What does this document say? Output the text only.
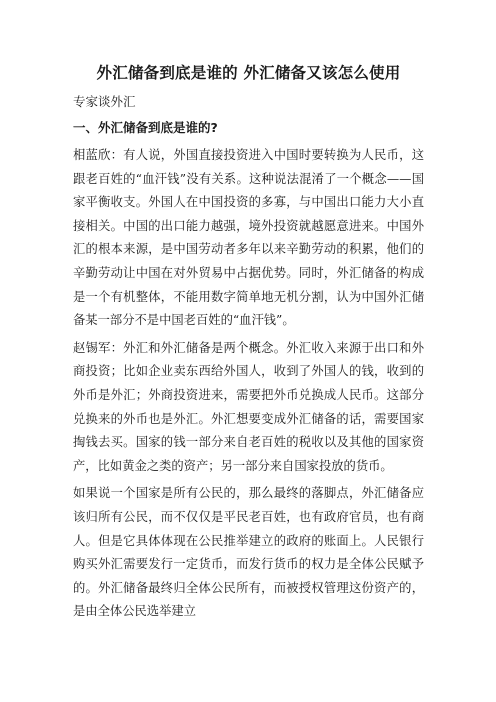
外汇储备到底是谁的 外汇储备又该怎么使用
专家谈外汇
一、外汇储备到底是谁的?

相蓝欣：有人说，外国直接投资进入中国时要转换为人民币，这跟老百姓的“血汗钱”没有关系。这种说法混淆了一个概念——国家平衡收支。外国人在中国投资的多寡，与中国出口能力大小直接相关。中国的出口能力越强，境外投资就越愿意进来。中国外汇的根本来源，是中国劳动者多年以来辛勤劳动的积累，他们的辛勤劳动让中国在对外贸易中占据优势。同时，外汇储备的构成是一个有机整体，不能用数字简单地无机分割，认为中国外汇储备某一部分不是中国老百姓的“血汗钱”。

赵锡军：外汇和外汇储备是两个概念。外汇收入来源于出口和外商投资；比如企业卖东西给外国人，收到了外国人的钱，收到的外币是外汇；外商投资进来，需要把外币兑换成人民币。这部分兑换来的外币也是外汇。外汇想要变成外汇储备的话，需要国家掏钱去买。国家的钱一部分来自老百姓的税收以及其他的国家资产，比如黄金之类的资产；另一部分来自国家投放的货币。

如果说一个国家是所有公民的，那么最终的落脚点，外汇储备应该归所有公民，而不仅仅是平民老百姓，也有政府官员，也有商人。但是它具体体现在公民推举建立的政府的账面上。人民银行购买外汇需要发行一定货币，而发行货币的权力是全体公民赋予的。外汇储备最终归全体公民所有，而被授权管理这份资产的，是由全体公民选举建立
